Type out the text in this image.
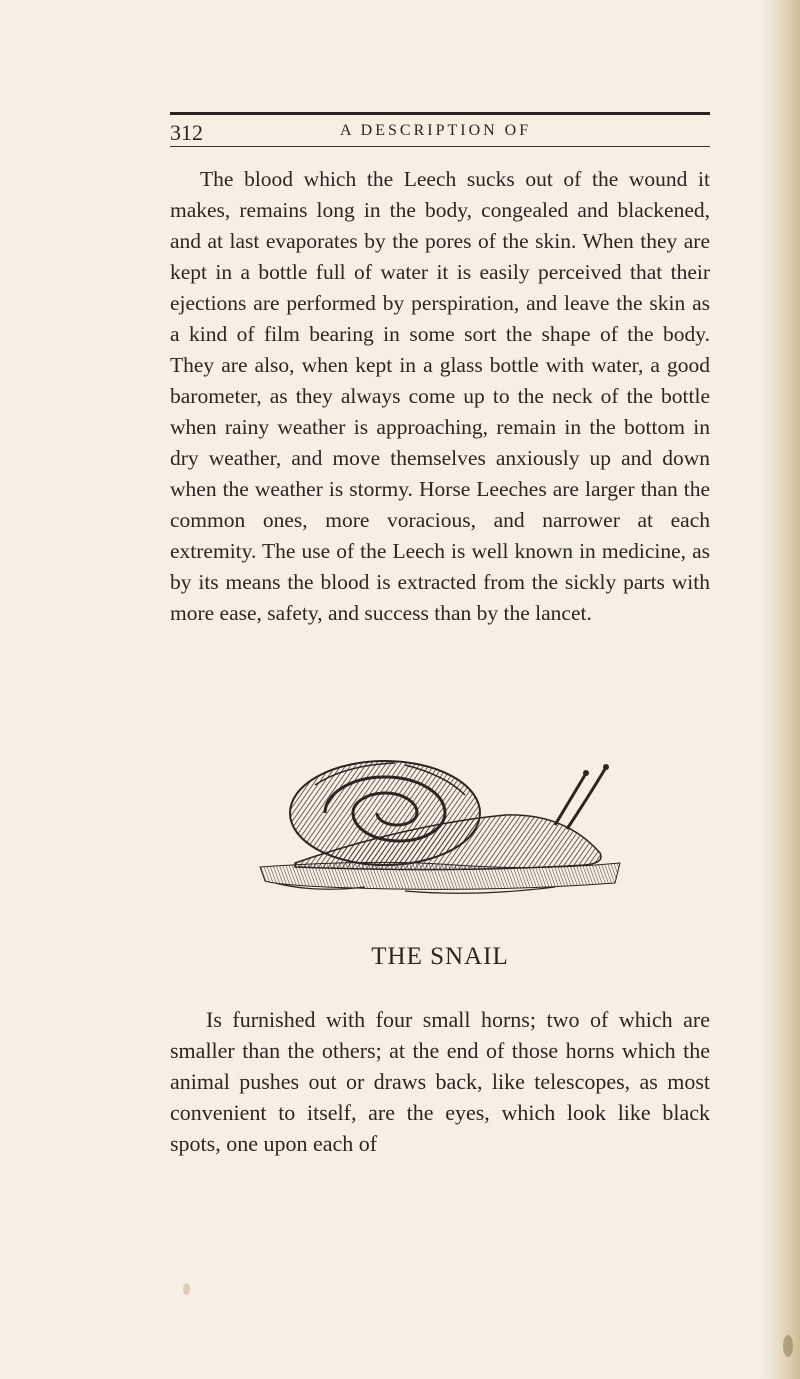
312	A DESCRIPTION OF

The blood which the Leech sucks out of the wound it makes, remains long in the body, congealed and blackened, and at last evaporates by the pores of the skin. When they are kept in a bottle full of water it is easily perceived that their ejections are performed by perspiration, and leave the skin as a kind of film bearing in some sort the shape of the body. They are also, when kept in a glass bottle with water, a good barometer, as they always come up to the neck of the bottle when rainy weather is approaching, remain in the bottom in dry weather, and move themselves anxiously up and down when the weather is stormy. Horse Leeches are larger than the common ones, more voracious, and narrower at each extremity. The use of the Leech is well known in medicine, as by its means the blood is extracted from the sickly parts with more ease, safety, and success than by the lancet.

THE SNAIL

Is furnished with four small horns; two of which are smaller than the others; at the end of those horns which the animal pushes out or draws back, like telescopes, as most convenient to itself, are the eyes, which look like black spots, one upon each of
